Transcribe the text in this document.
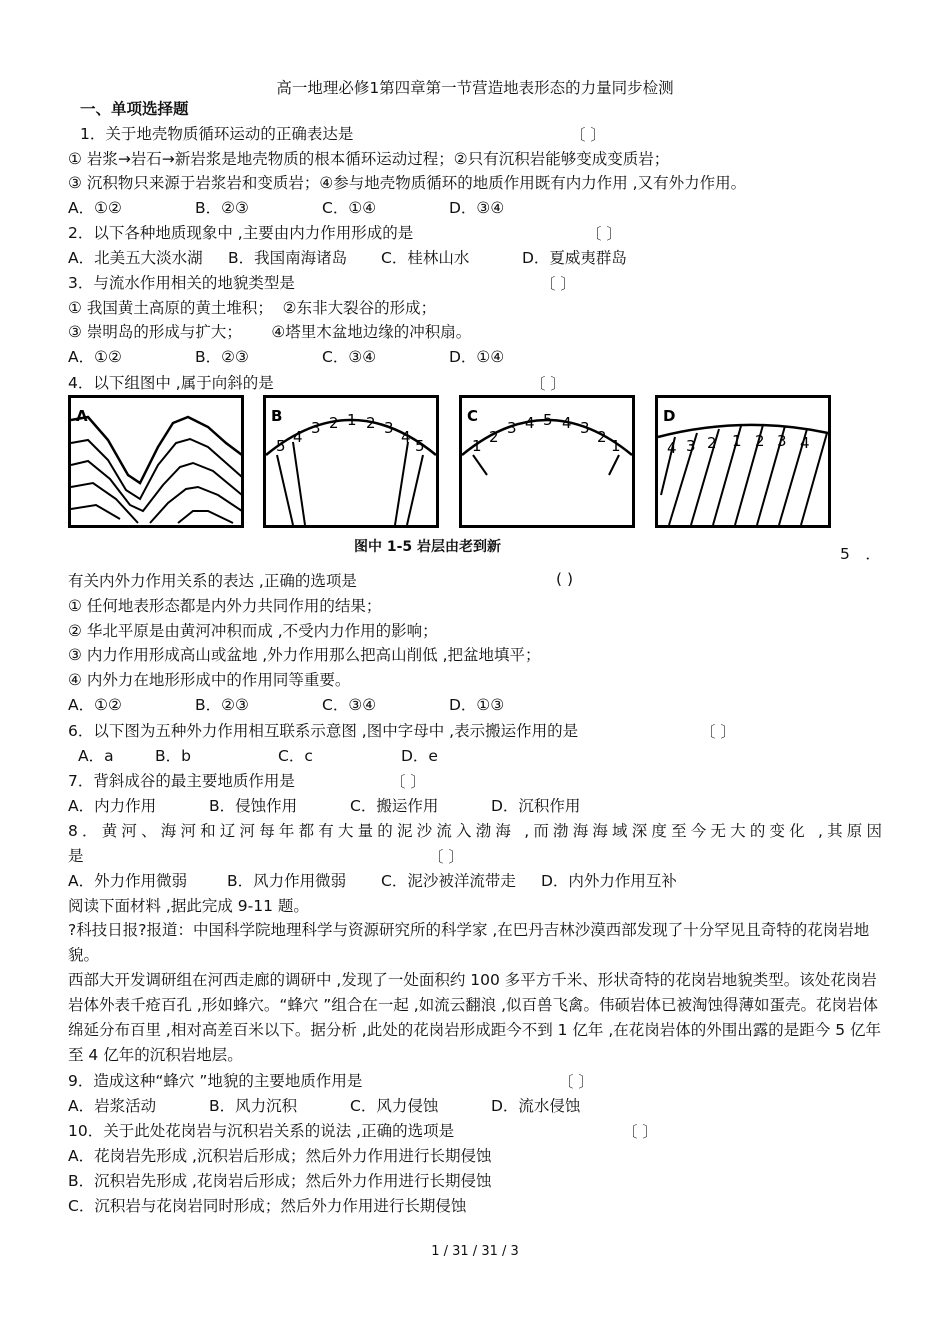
高一地理必修1第四章第一节营造地表形态的力量同步检测
一、单项选择题
1．关于地壳物质循环运动的正确表达是	〔 〕
① 岩浆→岩石→新岩浆是地壳物质的根本循环运动过程；②只有沉积岩能够变成变质岩；
③ 沉积物只来源于岩浆岩和变质岩；④参与地壳物质循环的地质作用既有内力作用 ,又有外力作用。
A．①②	B．②③	C．①④	D．③④
2．以下各种地质现象中 ,主要由内力作用形成的是	〔 〕
A．北美五大淡水湖 B．我国南海诸岛 C．桂林山水	D．夏威夷群岛
3．与流水作用相关的地貌类型是	〔 〕
① 我国黄土高原的黄土堆积；  ②东非大裂谷的形成；
③ 崇明岛的形成与扩大；      ④塔里木盆地边缘的冲积扇。
A．①②	B．②③	C．③④	D．①④
4．以下组图中 ,属于向斜的是	〔 〕
A	B
5 4 3 2 1 2 3 4 5
C
1 2 3 4 5 4 3 2 1
D
4 3 2 1 2 3 4
图中 1-5 岩层由老到新	5　．
有关内外力作用关系的表达 ,正确的选项是	( )
① 任何地表形态都是内外力共同作用的结果；
② 华北平原是由黄河冲积而成 ,不受内力作用的影响；
③ 内力作用形成高山或盆地 ,外力作用那么把高山削低 ,把盆地填平；
④ 内外力在地形形成中的作用同等重要。
A．①②	B．②③	C．③④	D．①③
6．以下图为五种外力作用相互联系示意图 ,图中字母中 ,表示搬运作用的是	〔 〕
A．a	B．b	C．c	D．e
7．背斜成谷的最主要地质作用是	〔 〕
A．内力作用	B．侵蚀作用	C．搬运作用	D．沉积作用
8．黄河、海河和辽河每年都有大量的泥沙流入渤海 ,而渤海海域深度至今无大的变化 ,其原因
是	〔 〕
A．外力作用微弱	B．风力作用微弱 C．泥沙被洋流带走 D．内外力作用互补
阅读下面材料 ,据此完成 9-11 题。
?科技日报?报道：中国科学院地理科学与资源研究所的科学家 ,在巴丹吉林沙漠西部发现了十分罕见且奇特的花岗岩地貌。
西部大开发调研组在河西走廊的调研中 ,发现了一处面积约 100 多平方千米、形状奇特的花岗岩地貌类型。该处花岗岩岩体外表千疮百孔 ,形如蜂穴。“蜂穴 ”组合在一起 ,如流云翻浪 ,似百兽飞禽。伟硕岩体已被淘蚀得薄如蛋壳。花岗岩体绵延分布百里 ,相对高差百米以下。据分析 ,此处的花岗岩形成距今不到 1 亿年 ,在花岗岩体的外围出露的是距今 5 亿年至 4 亿年的沉积岩地层。
9．造成这种“蜂穴 ”地貌的主要地质作用是	〔 〕
A．岩浆活动	B．风力沉积	C．风力侵蚀	D．流水侵蚀
10．关于此处花岗岩与沉积岩关系的说法 ,正确的选项是	〔 〕
A．花岗岩先形成 ,沉积岩后形成；然后外力作用进行长期侵蚀
B．沉积岩先形成 ,花岗岩后形成；然后外力作用进行长期侵蚀
C．沉积岩与花岗岩同时形成；然后外力作用进行长期侵蚀
1 / 31 / 31 / 3
